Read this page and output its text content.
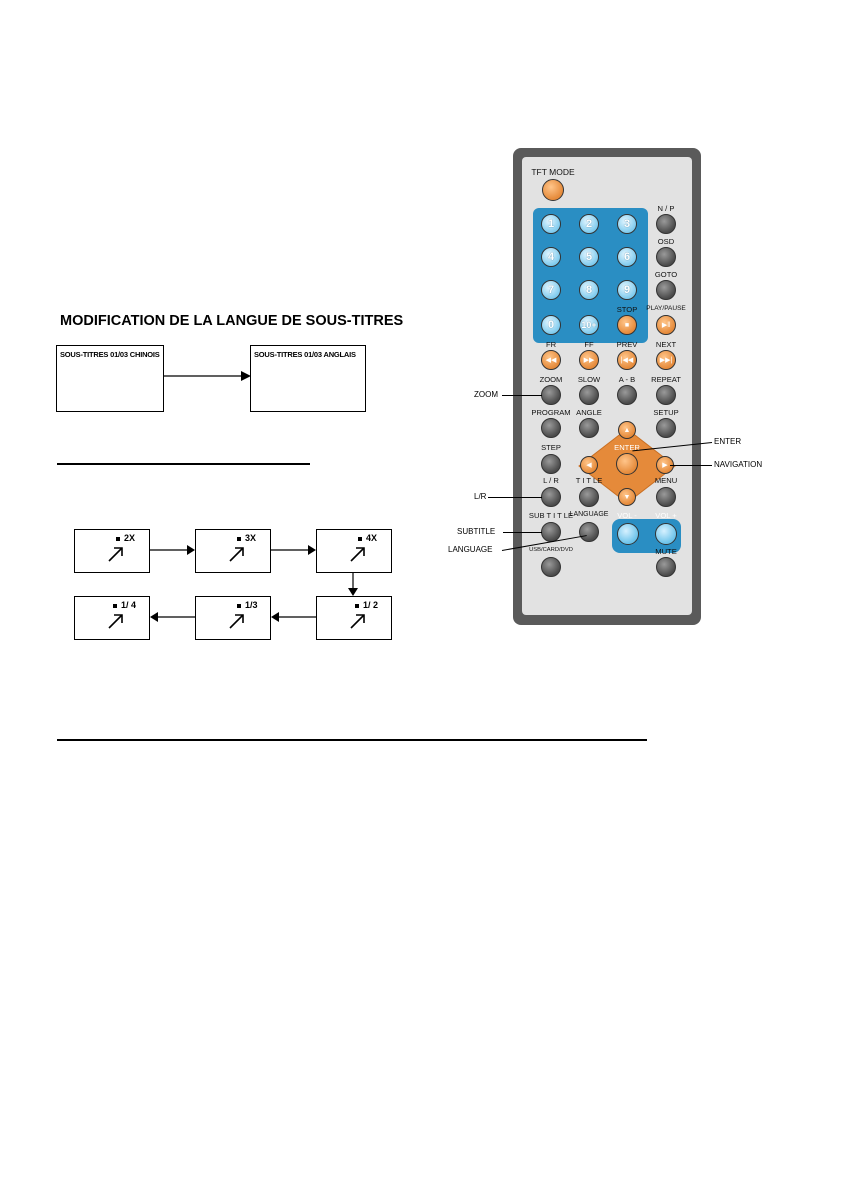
MODIFICATION DE LA LANGUE DE SOUS-TITRES
SOUS-TITRES 01/03 CHINOIS	SOUS-TITRES 01/03 ANGLAIS
2X	3X	4X
1/ 2
1/3
1/ 4
TFT MODE
N / P
OSD
GOTO
STOP PLAY/PAUSE
FR	FF	PREV NEXT
ZOOM SLOW A - B REPEAT
PROGRAM ANGLE	SETUP
STEP	ENTER
L / R T I T LE	MENU
SUB T I T LE
LANGUAGE VOL - VOL +
USB/CARD/DVD	MUTE
1	2	3
4	5	6
7	8	9
0	10+	■	▶‖
◀◀	▶▶	|◀◀	▶▶|
▲
◀	▶
▼
ZOOM
ENTER
NAVIGATION
L/R
SUBTITLE
LANGUAGE
